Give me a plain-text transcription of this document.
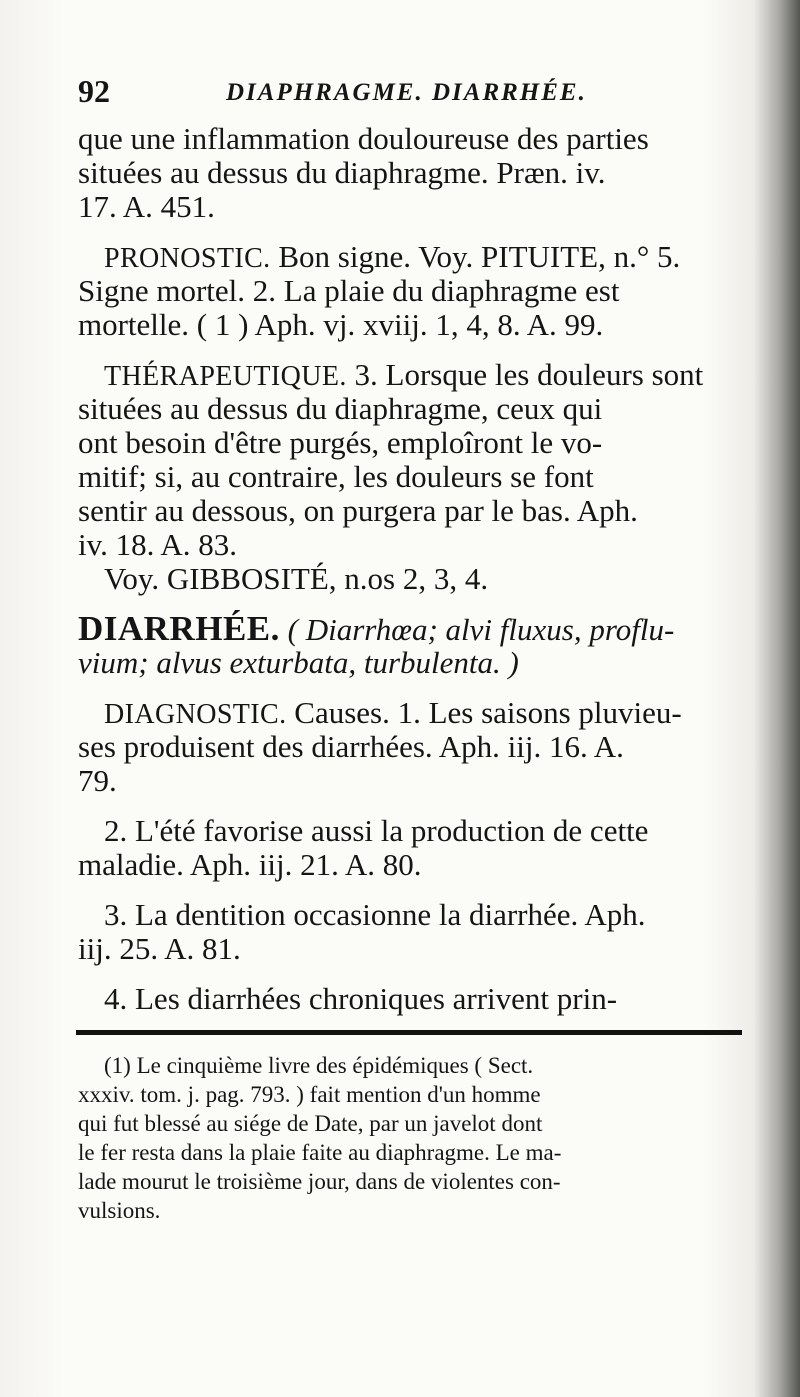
92	DIAPHRAGME. DIARRHÉE.
que une inflammation douloureuse des parties
situées au dessus du diaphragme. Præn. iv.
17. A. 451.
PRONOSTIC. Bon signe. Voy. PITUITE, n.° 5.
Signe mortel. 2. La plaie du diaphragme est
mortelle. ( 1 ) Aph. vj. xviij. 1, 4, 8. A. 99.
THÉRAPEUTIQUE. 3. Lorsque les douleurs sont
situées au dessus du diaphragme, ceux qui
ont besoin d'être purgés, emploîront le vo-
mitif; si, au contraire, les douleurs se font
sentir au dessous, on purgera par le bas. Aph.
iv. 18. A. 83.
Voy. GIBBOSITÉ, n.os 2, 3, 4.
DIARRHÉE. ( Diarrhœa; alvi fluxus, proflu-
vium; alvus exturbata, turbulenta. )
DIAGNOSTIC. Causes. 1. Les saisons pluvieu-
ses produisent des diarrhées. Aph. iij. 16. A.
79.
2. L'été favorise aussi la production de cette
maladie. Aph. iij. 21. A. 80.
3. La dentition occasionne la diarrhée. Aph.
iij. 25. A. 81.
4. Les diarrhées chroniques arrivent prin-
(1) Le cinquième livre des épidémiques ( Sect.
xxxiv. tom. j. pag. 793. ) fait mention d'un homme
qui fut blessé au siége de Date, par un javelot dont
le fer resta dans la plaie faite au diaphragme. Le ma-
lade mourut le troisième jour, dans de violentes con-
vulsions.
